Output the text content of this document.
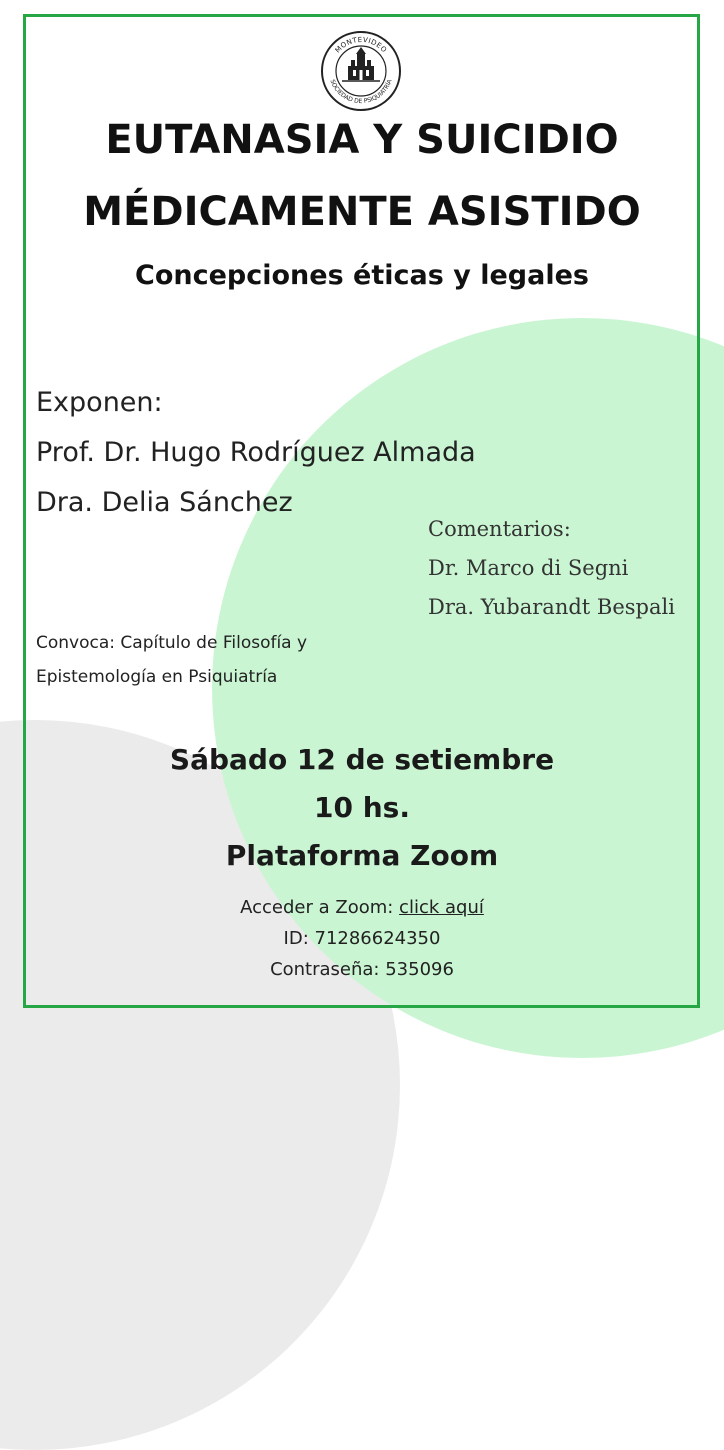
MONTEVIDEO
SOCIEDAD DE PSIQUIATRÍA
EUTANASIA Y SUICIDIO
MÉDICAMENTE ASISTIDO
Concepciones éticas y legales
Exponen:
Prof. Dr. Hugo Rodríguez Almada
Dra. Delia Sánchez
Comentarios:
Dr. Marco di Segni
Dra. Yubarandt Bespali
Convoca: Capítulo de Filosofía y
Epistemología en Psiquiatría
Sábado 12 de setiembre
10 hs.
Plataforma Zoom
Acceder a Zoom: click aquí
ID: 71286624350
Contraseña: 535096
